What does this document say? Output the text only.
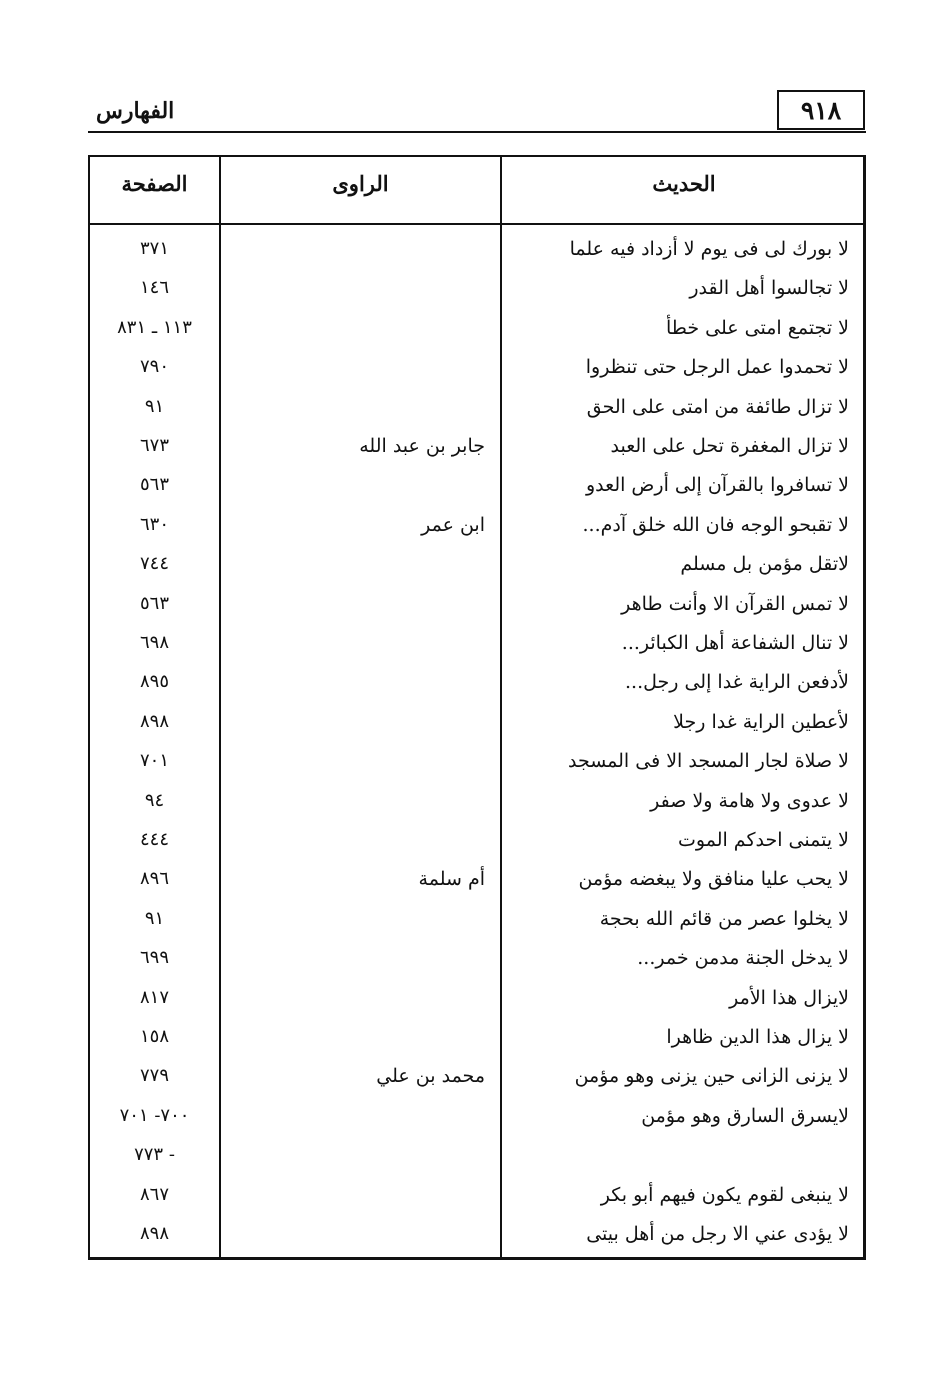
٩١٨
الفهارس
الحديث
الراوى
الصفحة
لا بورك لى فى يوم لا أزداد فيه علما
٣٧١
لا تجالسوا أهل القدر
١٤٦
لا تجتمع امتى على خطأ
١١٣ ـ ٨٣١
لا تحمدوا عمل الرجل حتى تنظروا
٧٩٠
لا تزال طائفة من امتى على الحق
٩١
لا تزال المغفرة تحل على العبد
جابر بن عبد الله
٦٧٣
لا تسافروا بالقرآن إلى أرض العدو
٥٦٣
لا تقبحو الوجه فان الله خلق آدم...
ابن عمر
٦٣٠
لاتقل مؤمن بل مسلم
٧٤٤
لا تمس القرآن الا وأنت طاهر
٥٦٣
لا تنال الشفاعة أهل الكبائر...
٦٩٨
لأدفعن الراية غدا إلى رجل...
٨٩٥
لأعطين الراية غدا رجلا
٨٩٨
لا صلاة لجار المسجد الا فى المسجد
٧٠١
لا عدوى ولا هامة ولا صفر
٩٤
لا يتمنى احدكم الموت
٤٤٤
لا يحب عليا منافق ولا يبغضه مؤمن
أم سلمة
٨٩٦
لا يخلوا عصر من قائم الله بحجة
٩١
لا يدخل الجنة مدمن خمر...
٦٩٩
لايزال هذا الأمر
٨١٧
لا يزال هذا الدين ظاهرا
١٥٨
لا يزنى الزانى حين يزنى وهو مؤمن
محمد بن علي
٧٧٩
لايسرق السارق وهو مؤمن
٧٠٠- ٧٠١
- ٧٧٣
لا ينبغى لقوم يكون فيهم أبو بكر
٨٦٧
لا يؤدى عني الا رجل من أهل بيتى
٨٩٨
